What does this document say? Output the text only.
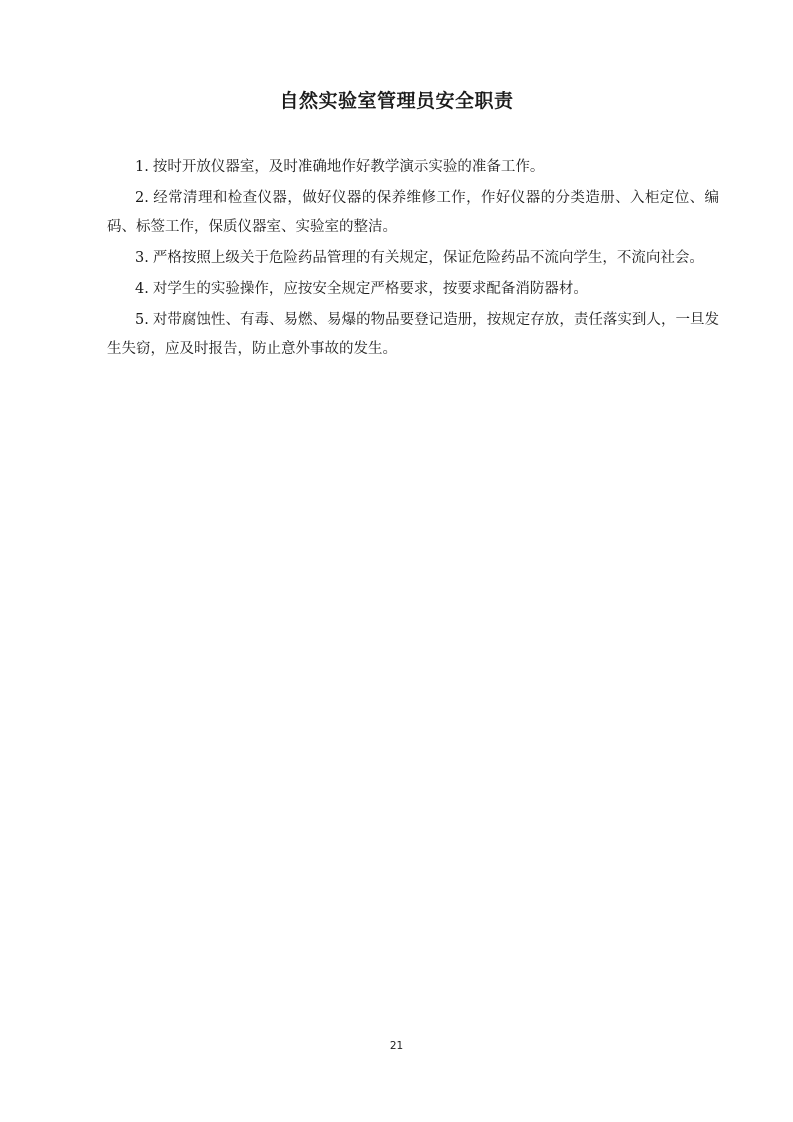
自然实验室管理员安全职责

1. 按时开放仪器室，及时准确地作好教学演示实验的准备工作。

2. 经常清理和检查仪器，做好仪器的保养维修工作，作好仪器的分类造册、入柜定位、编码、标签工作，保质仪器室、实验室的整洁。

3. 严格按照上级关于危险药品管理的有关规定，保证危险药品不流向学生，不流向社会。

4. 对学生的实验操作，应按安全规定严格要求，按要求配备消防器材。

5. 对带腐蚀性、有毒、易燃、易爆的物品要登记造册，按规定存放，责任落实到人，一旦发生失窃，应及时报告，防止意外事故的发生。

21
